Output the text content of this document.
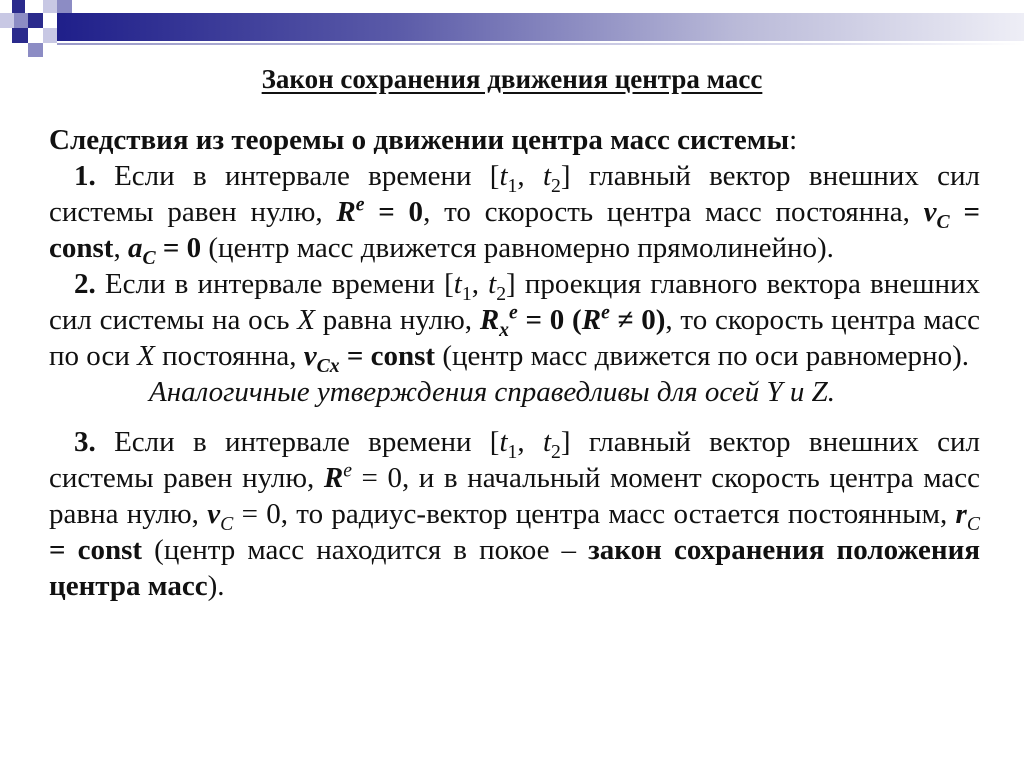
Закон сохранения движения центра масс

Следствия из теоремы о движении центра масс системы:

1. Если в интервале времени [$t_1$, $t_2$] главный вектор внешних сил системы равен нулю, $R^e = 0$, то скорость центра масс постоянна, $v_C$ = const, $a_C = 0$ (центр масс движется равномерно прямолинейно).

2. Если в интервале времени [$t_1$, $t_2$] проекция главного вектора внешних сил системы на ось X равна нулю, $R_x^e = 0$ $(R^e \ne 0)$, то скорость центра масс по оси X постоянна, $v_{Cx}$ = const (центр масс движется по оси равномерно).

Аналогичные утверждения справедливы для осей Y и Z.

3. Если в интервале времени [$t_1$, $t_2$] главный вектор внешних сил системы равен нулю, $R^e = 0$, и в начальный момент скорость центра масс равна нулю, $v_C = 0$, то радиус-вектор центра масс остается постоянным, $r_C$ = const (центр масс находится в покое – закон сохранения положения центра масс).
